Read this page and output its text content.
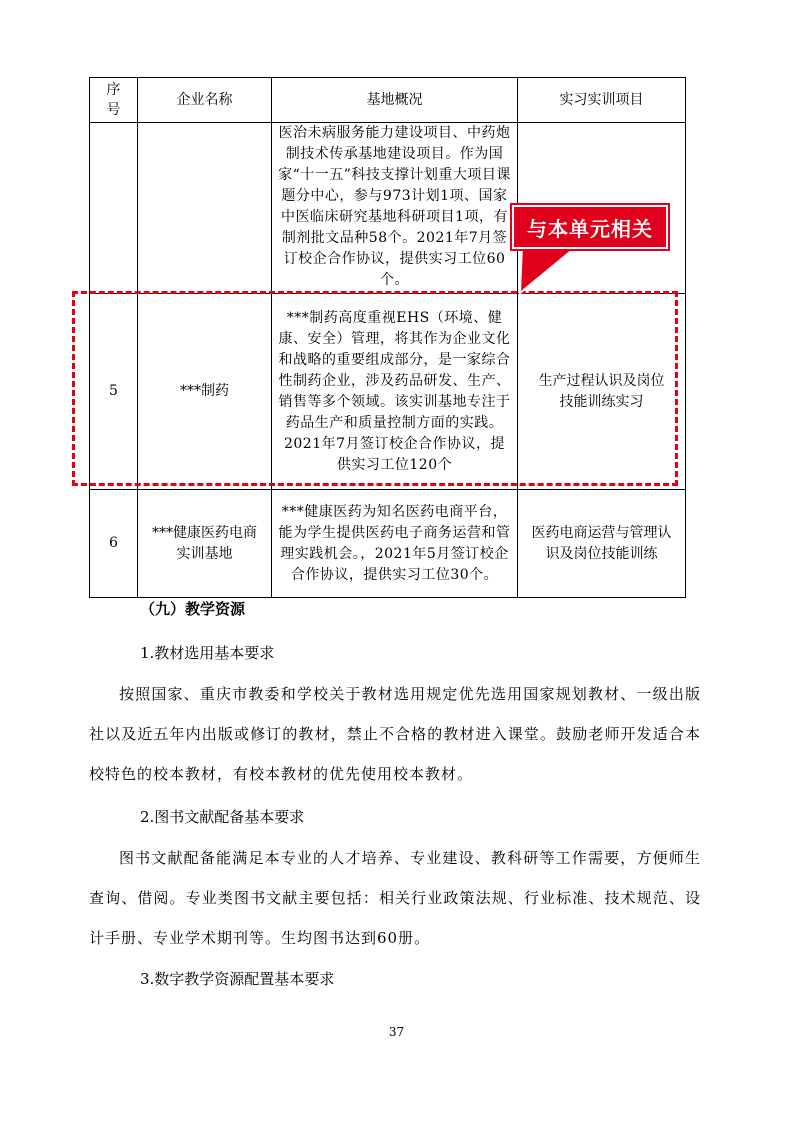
序号	企业名称	基地概况	实习实训项目
		医治未病服务能力建设项目、中药炮制技术传承基地建设项目。作为国家“十一五”科技支撑计划重大项目课题分中心，参与973计划1项、国家中医临床研究基地科研项目1项，有制剂批文品种58个。2021年7月签订校企合作协议，提供实习工位60个。	
5	***制药	***制药高度重视EHS（环境、健康、安全）管理，将其作为企业文化和战略的重要组成部分，是一家综合性制药企业，涉及药品研发、生产、销售等多个领域。该实训基地专注于药品生产和质量控制方面的实践。2021年7月签订校企合作协议，提供实习工位120个	生产过程认识及岗位技能训练实习
6	***健康医药电商实训基地	***健康医药为知名医药电商平台，能为学生提供医药电子商务运营和管理实践机会。，2021年5月签订校企合作协议，提供实习工位30个。	医药电商运营与管理认识及岗位技能训练
与本单元相关
（九）教学资源
1.教材选用基本要求
按照国家、重庆市教委和学校关于教材选用规定优先选用国家规划教材、一级出版社以及近五年内出版或修订的教材，禁止不合格的教材进入课堂。鼓励老师开发适合本校特色的校本教材，有校本教材的优先使用校本教材。
2.图书文献配备基本要求
图书文献配备能满足本专业的人才培养、专业建设、教科研等工作需要，方便师生查询、借阅。专业类图书文献主要包括：相关行业政策法规、行业标准、技术规范、设计手册、专业学术期刊等。生均图书达到60册。
3.数字教学资源配置基本要求
37
